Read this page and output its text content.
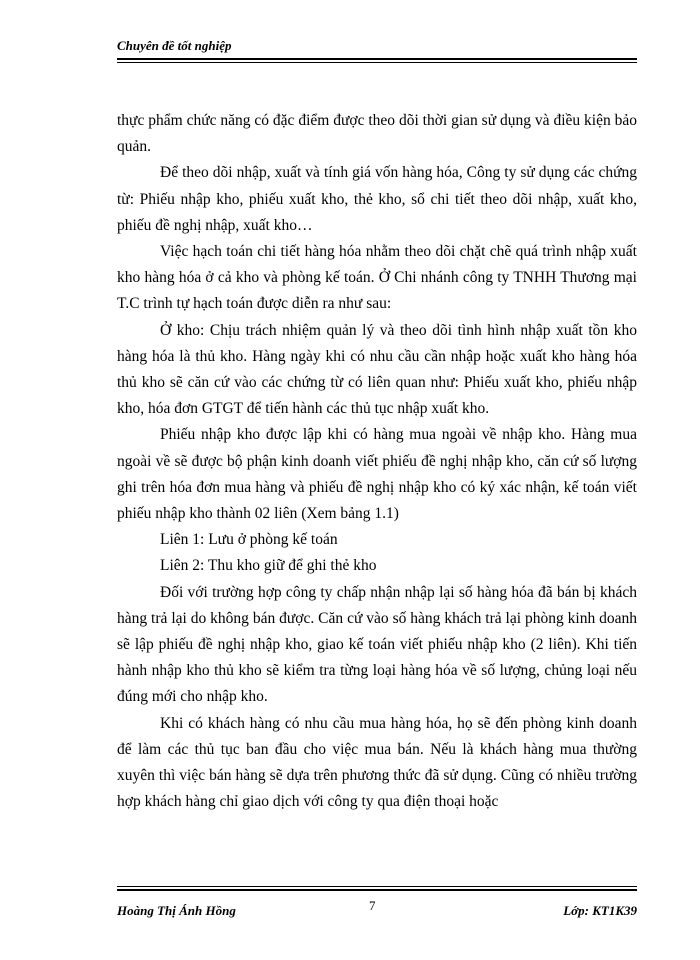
Chuyên đề tốt nghiệp

thực phẩm chức năng có đặc điểm được theo dõi thời gian sử dụng và điều kiện bảo quản.

Để theo dõi nhập, xuất và tính giá vốn hàng hóa, Công ty sử dụng các chứng từ: Phiếu nhập kho, phiếu xuất kho, thẻ kho, sổ chi tiết theo dõi nhập, xuất kho, phiếu đề nghị nhập, xuất kho…

Việc hạch toán chi tiết hàng hóa nhằm theo dõi chặt chẽ quá trình nhập xuất kho hàng hóa ở cả kho và phòng kế toán. Ở Chi nhánh công ty TNHH Thương mại T.C trình tự hạch toán được diễn ra như sau:

Ở kho: Chịu trách nhiệm quản lý và theo dõi tình hình nhập xuất tồn kho hàng hóa là thủ kho. Hàng ngày khi có nhu cầu cần nhập hoặc xuất kho hàng hóa thủ kho sẽ căn cứ vào các chứng từ có liên quan như: Phiếu xuất kho, phiếu nhập kho, hóa đơn GTGT để tiến hành các thủ tục nhập xuất kho.

Phiếu nhập kho được lập khi có hàng mua ngoài về nhập kho. Hàng mua ngoài về sẽ được bộ phận kinh doanh viết phiếu đề nghị nhập kho, căn cứ số lượng ghi trên hóa đơn mua hàng và phiếu đề nghị nhập kho có ký xác nhận, kế toán viết phiếu nhập kho thành 02 liên (Xem bảng 1.1)

Liên 1: Lưu ở phòng kế toán

Liên 2: Thu kho giữ để ghi thẻ kho

Đối với trường hợp công ty chấp nhận nhập lại số hàng hóa đã bán bị khách hàng trả lại do không bán được. Căn cứ vào số hàng khách trả lại phòng kinh doanh sẽ lập phiếu đề nghị nhập kho, giao kế toán viết phiếu nhập kho (2 liên). Khi tiến hành nhập kho thủ kho sẽ kiểm tra từng loại hàng hóa về số lượng, chủng loại nếu đúng mới cho nhập kho.

Khi có khách hàng có nhu cầu mua hàng hóa, họ sẽ đến phòng kinh doanh để làm các thủ tục ban đầu cho việc mua bán. Nếu là khách hàng mua thường xuyên thì việc bán hàng sẽ dựa trên phương thức đã sử dụng. Cũng có nhiều trường hợp khách hàng chỉ giao dịch với công ty qua điện thoại hoặc

Hoàng Thị Ánh Hồng	7	Lớp: KT1K39
